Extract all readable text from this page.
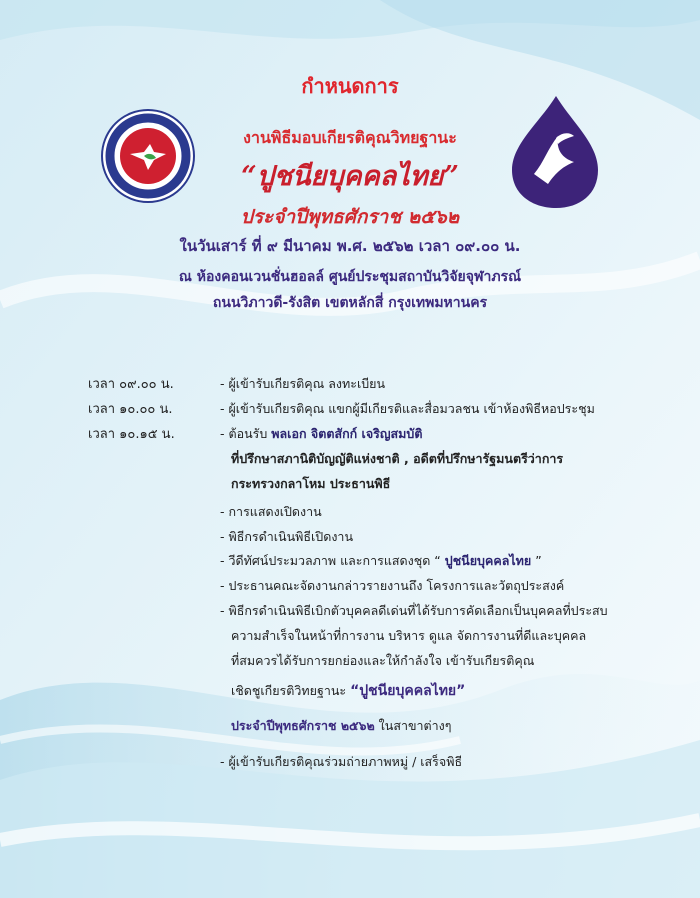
กำหนดการ
งานพิธีมอบเกียรติคุณวิทยฐานะ
“ปูชนียบุคคลไทย”
ประจำปีพุทธศักราช ๒๕๖๒
ในวันเสาร์ ที่ ๙ มีนาคม พ.ศ. ๒๕๖๒ เวลา ๐๙.๐๐ น.
ณ ห้องคอนเวนชั่นฮอลล์ ศูนย์ประชุมสถาบันวิจัยจุฬาภรณ์
ถนนวิภาวดี-รังสิต เขตหลักสี่ กรุงเทพมหานคร
เวลา ๐๙.๐๐ น.	- ผู้เข้ารับเกียรติคุณ ลงทะเบียน
เวลา ๑๐.๐๐ น.	- ผู้เข้ารับเกียรติคุณ แขกผู้มีเกียรติและสื่อมวลชน เข้าห้องพิธีหอประชุม
เวลา ๑๐.๑๕ น.	- ต้อนรับ พลเอก จิตตสักก์ เจริญสมบัติ
ที่ปรึกษาสภานิติบัญญัติแห่งชาติ , อดีตที่ปรึกษารัฐมนตรีว่าการ
กระทรวงกลาโหม ประธานพิธี
- การแสดงเปิดงาน
- พิธีกรดำเนินพิธีเปิดงาน
- วีดีทัศน์ประมวลภาพ และการแสดงชุด “ ปูชนียบุคคลไทย ”
- ประธานคณะจัดงานกล่าวรายงานถึง โครงการและวัตถุประสงค์
- พิธีกรดำเนินพิธีเบิกตัวบุคคลดีเด่นที่ได้รับการคัดเลือกเป็นบุคคลที่ประสบ
ความสำเร็จในหน้าที่การงาน บริหาร ดูแล จัดการงานที่ดีและบุคคล
ที่สมควรได้รับการยกย่องและให้กำลังใจ เข้ารับเกียรติคุณ
เชิดชูเกียรติวิทยฐานะ “ปูชนียบุคคลไทย”
ประจำปีพุทธศักราช ๒๕๖๒ ในสาขาต่างๆ
- ผู้เข้ารับเกียรติคุณร่วมถ่ายภาพหมู่ / เสร็จพิธี
